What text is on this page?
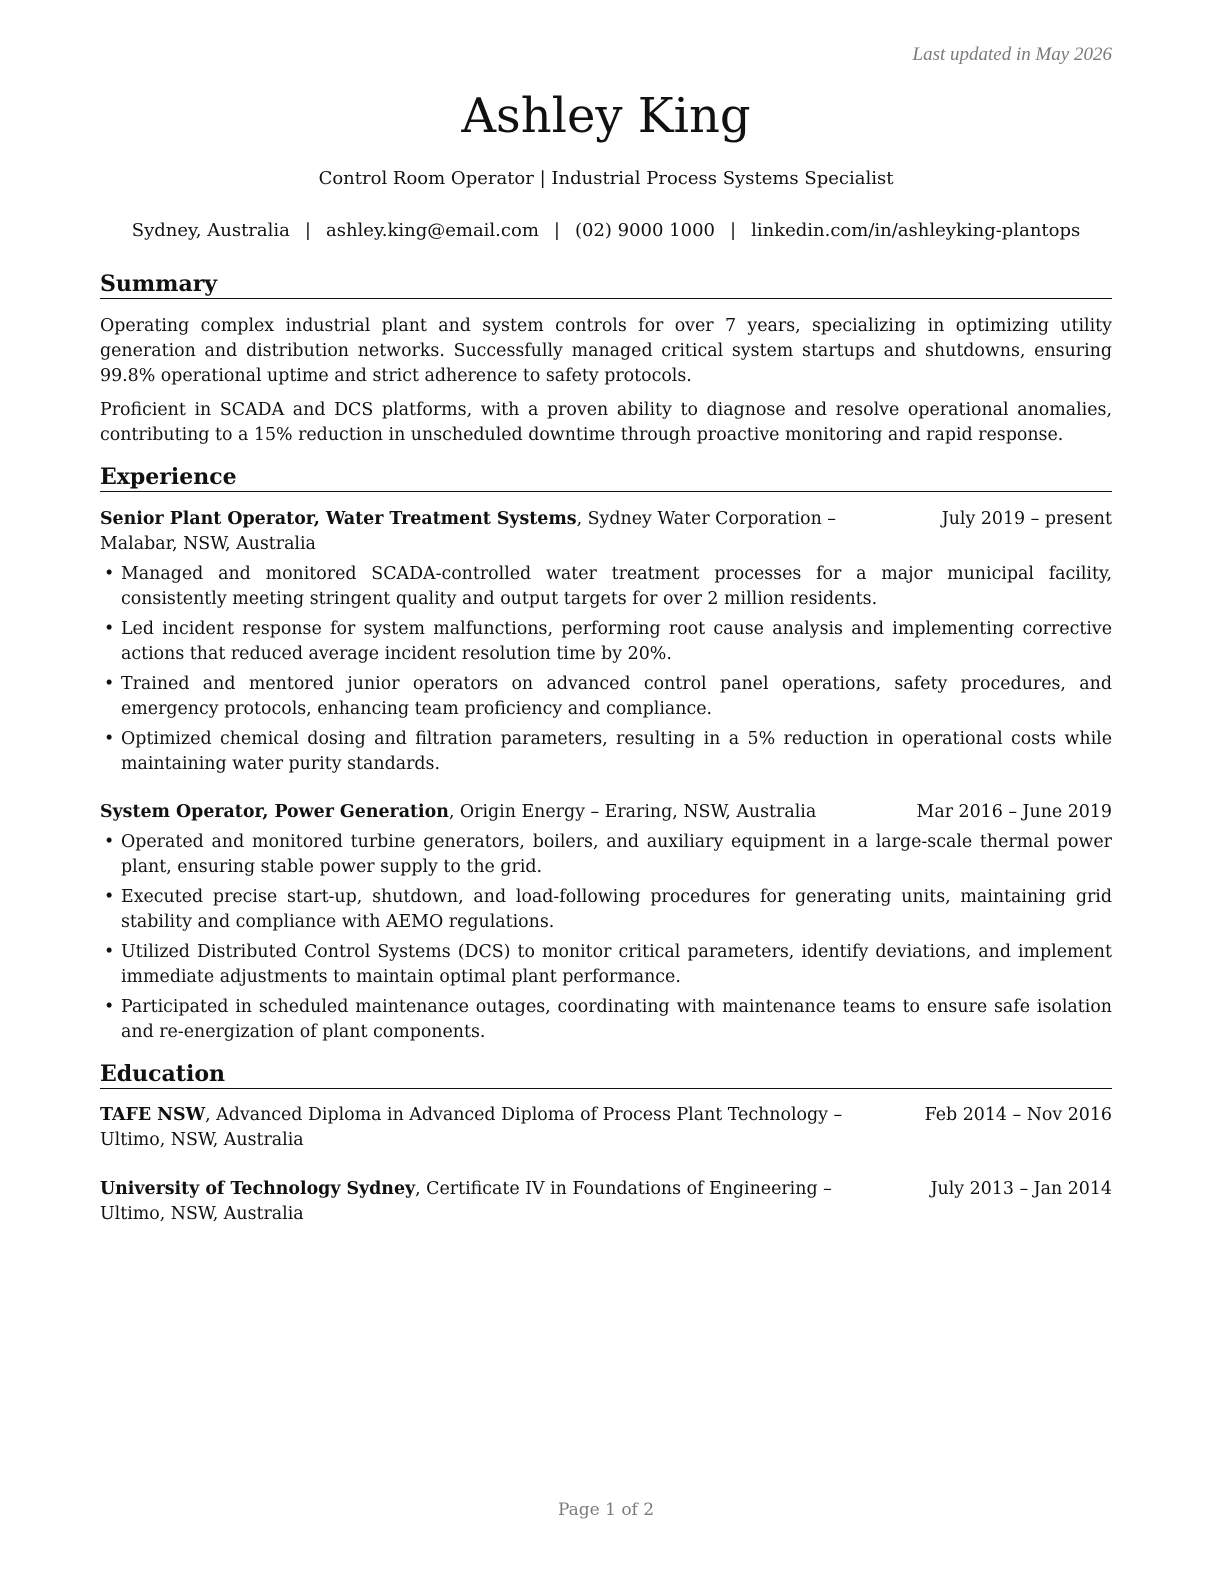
Last updated in May 2026
Ashley King
Control Room Operator | Industrial Process Systems Specialist
Sydney, Australia | ashley.king@email.com | (02) 9000 1000 | linkedin.com/in/ashleyking-plantops
Summary
Operating complex industrial plant and system controls for over 7 years, specializing in optimizing utility generation and distribution networks. Successfully managed critical system startups and shutdowns, ensuring 99.8% operational uptime and strict adherence to safety protocols.
Proficient in SCADA and DCS platforms, with a proven ability to diagnose and resolve operational anomalies, contributing to a 15% reduction in unscheduled downtime through proactive monitoring and rapid response.
Experience
Senior Plant Operator, Water Treatment Systems, Sydney Water Corporation – Malabar, NSW, Australia
July 2019 – present
• Managed and monitored SCADA-controlled water treatment processes for a major municipal facility, consistently meeting stringent quality and output targets for over 2 million residents.
• Led incident response for system malfunctions, performing root cause analysis and implementing corrective actions that reduced average incident resolution time by 20%.
• Trained and mentored junior operators on advanced control panel operations, safety procedures, and emergency protocols, enhancing team proficiency and compliance.
• Optimized chemical dosing and filtration parameters, resulting in a 5% reduction in operational costs while maintaining water purity standards.
System Operator, Power Generation, Origin Energy – Eraring, NSW, Australia	Mar 2016 – June 2019
• Operated and monitored turbine generators, boilers, and auxiliary equipment in a large-scale thermal power plant, ensuring stable power supply to the grid.
• Executed precise start-up, shutdown, and load-following procedures for generating units, maintaining grid stability and compliance with AEMO regulations.
• Utilized Distributed Control Systems (DCS) to monitor critical parameters, identify deviations, and implement immediate adjustments to maintain optimal plant performance.
• Participated in scheduled maintenance outages, coordinating with maintenance teams to ensure safe isolation and re-energization of plant components.
Education
TAFE NSW, Advanced Diploma in Advanced Diploma of Process Plant Technology – Ultimo, NSW, Australia
Feb 2014 – Nov 2016
University of Technology Sydney, Certificate IV in Foundations of Engineering – Ultimo, NSW, Australia
July 2013 – Jan 2014
Page 1 of 2
